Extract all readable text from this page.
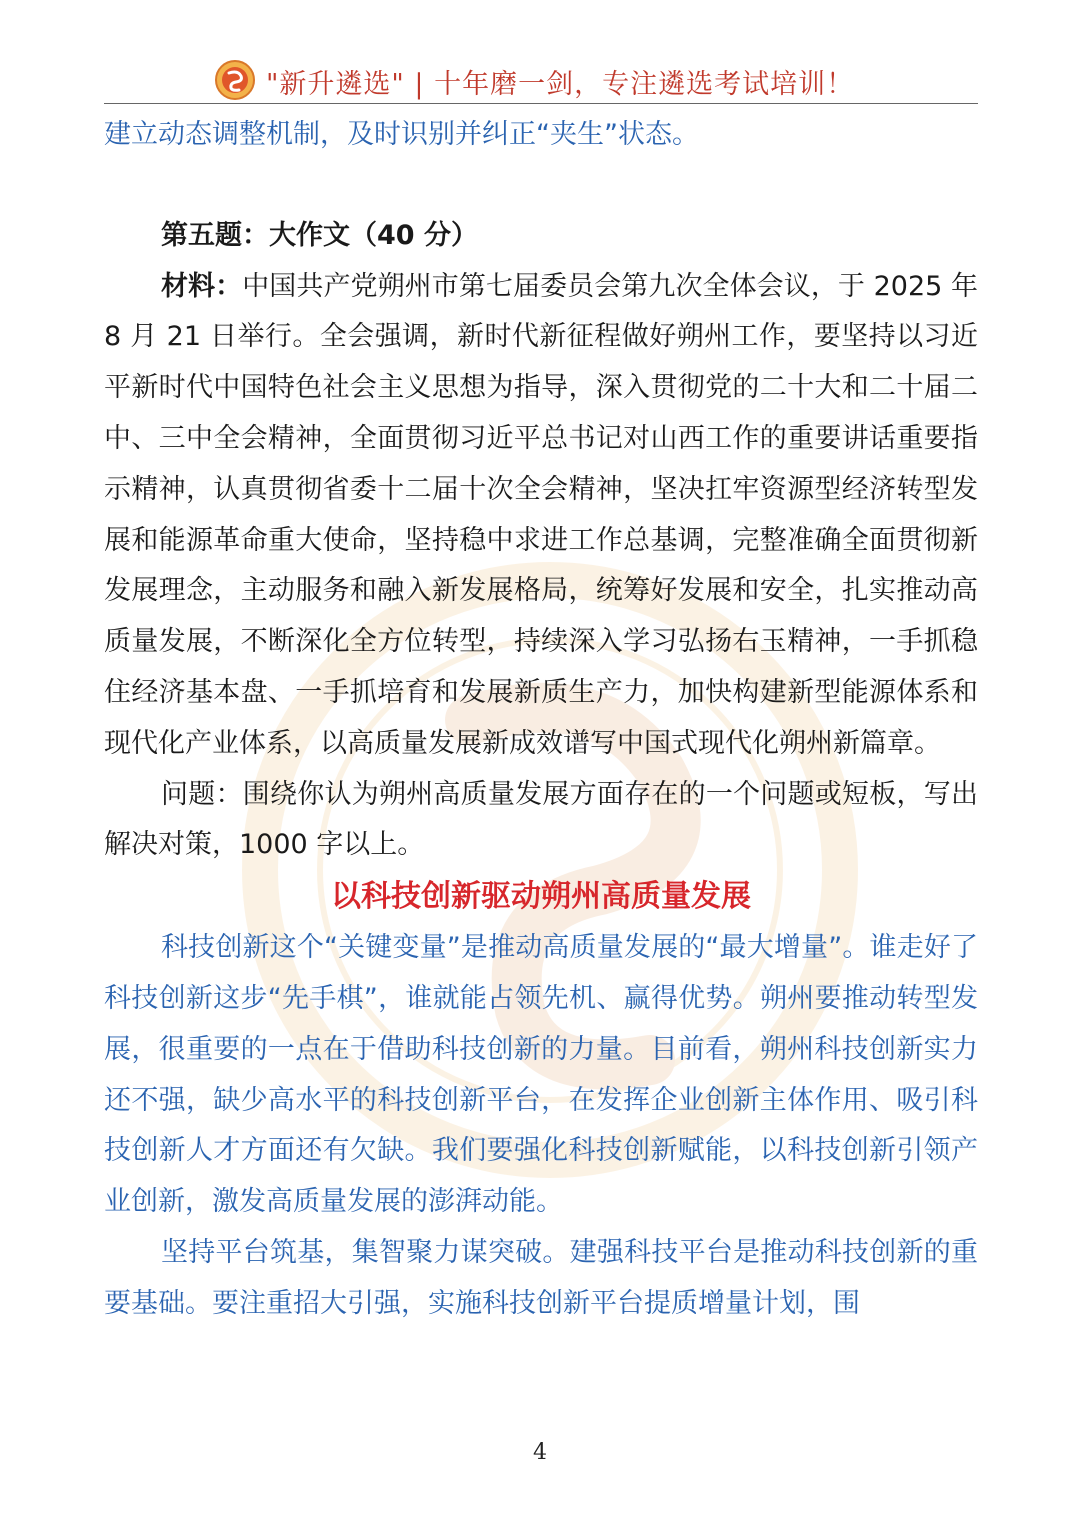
"新升遴选" | 十年磨一剑，专注遴选考试培训！

建立动态调整机制，及时识别并纠正“夹生”状态。

第五题：大作文（40 分）

材料：中国共产党朔州市第七届委员会第九次全体会议，于 2025 年 8 月 21 日举行。全会强调，新时代新征程做好朔州工作，要坚持以习近平新时代中国特色社会主义思想为指导，深入贯彻党的二十大和二十届二中、三中全会精神，全面贯彻习近平总书记对山西工作的重要讲话重要指示精神，认真贯彻省委十二届十次全会精神，坚决扛牢资源型经济转型发展和能源革命重大使命，坚持稳中求进工作总基调，完整准确全面贯彻新发展理念，主动服务和融入新发展格局，统筹好发展和安全，扎实推动高质量发展，不断深化全方位转型，持续深入学习弘扬右玉精神，一手抓稳住经济基本盘、一手抓培育和发展新质生产力，加快构建新型能源体系和现代化产业体系，以高质量发展新成效谱写中国式现代化朔州新篇章。

问题：围绕你认为朔州高质量发展方面存在的一个问题或短板，写出解决对策，1000 字以上。

以科技创新驱动朔州高质量发展

科技创新这个“关键变量”是推动高质量发展的“最大增量”。谁走好了科技创新这步“先手棋”，谁就能占领先机、赢得优势。朔州要推动转型发展，很重要的一点在于借助科技创新的力量。目前看，朔州科技创新实力还不强，缺少高水平的科技创新平台，在发挥企业创新主体作用、吸引科技创新人才方面还有欠缺。我们要强化科技创新赋能，以科技创新引领产业创新，激发高质量发展的澎湃动能。

坚持平台筑基，集智聚力谋突破。建强科技平台是推动科技创新的重要基础。要注重招大引强，实施科技创新平台提质增量计划，围

4
